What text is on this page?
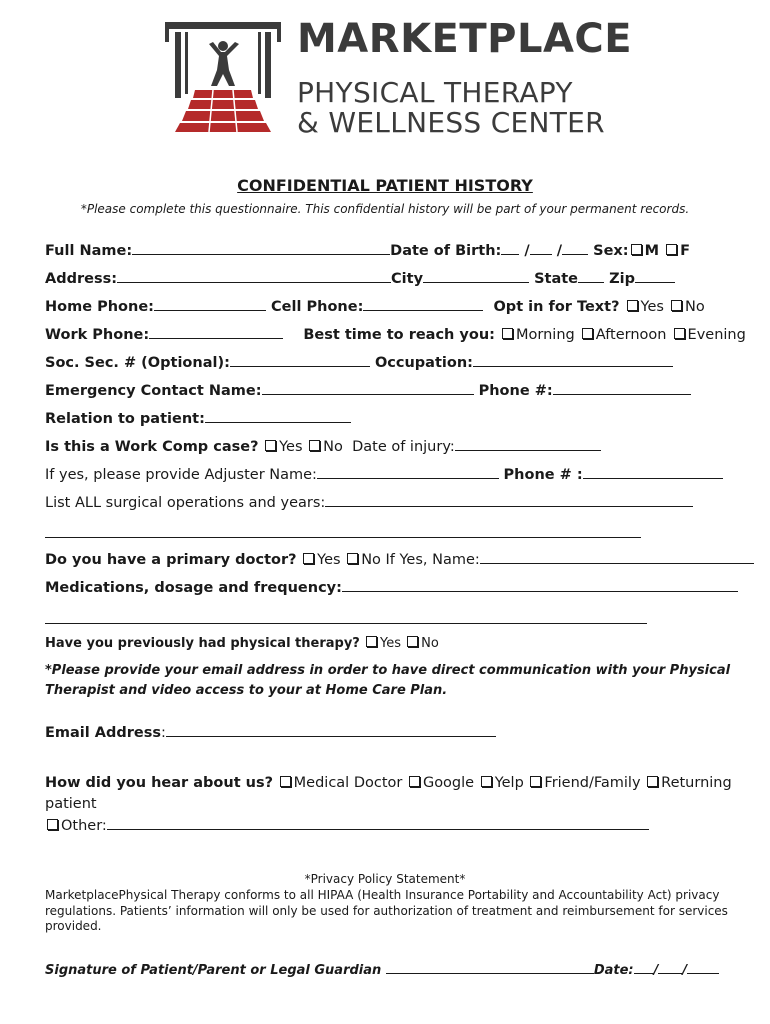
MARKETPLACE
PHYSICAL THERAPY
& WELLNESS CENTER
CONFIDENTIAL PATIENT HISTORY
*Please complete this questionnaire. This confidential history will be part of your permanent records.
Full Name:	Date of Birth: / / Sex: M F
Address:	City	State Zip
Home Phone:	Cell Phone:	Opt in for Text? Yes No
Work Phone:	Best time to reach you: Morning Afternoon Evening
Soc. Sec. # (Optional):	Occupation:
Emergency Contact Name:	Phone #:
Relation to patient:
Is this a Work Comp case? Yes No Date of injury:
If yes, please provide Adjuster Name:	Phone # :
List ALL surgical operations and years:
Do you have a primary doctor? Yes No If Yes, Name:
Medications, dosage and frequency:
Have you previously had physical therapy? Yes No
*Please provide your email address in order to have direct communication with your Physical Therapist and video access to your at Home Care Plan.
Email Address:
How did you hear about us? Medical Doctor Google Yelp Friend/Family Returning
patient
Other:
*Privacy Policy Statement*
MarketplacePhysical Therapy conforms to all HIPAA (Health Insurance Portability and Accountability Act) privacy regulations. Patients’ information will only be used for authorization of treatment and reimbursement for services provided.
Signature of Patient/Parent or Legal Guardian	Date: / /
